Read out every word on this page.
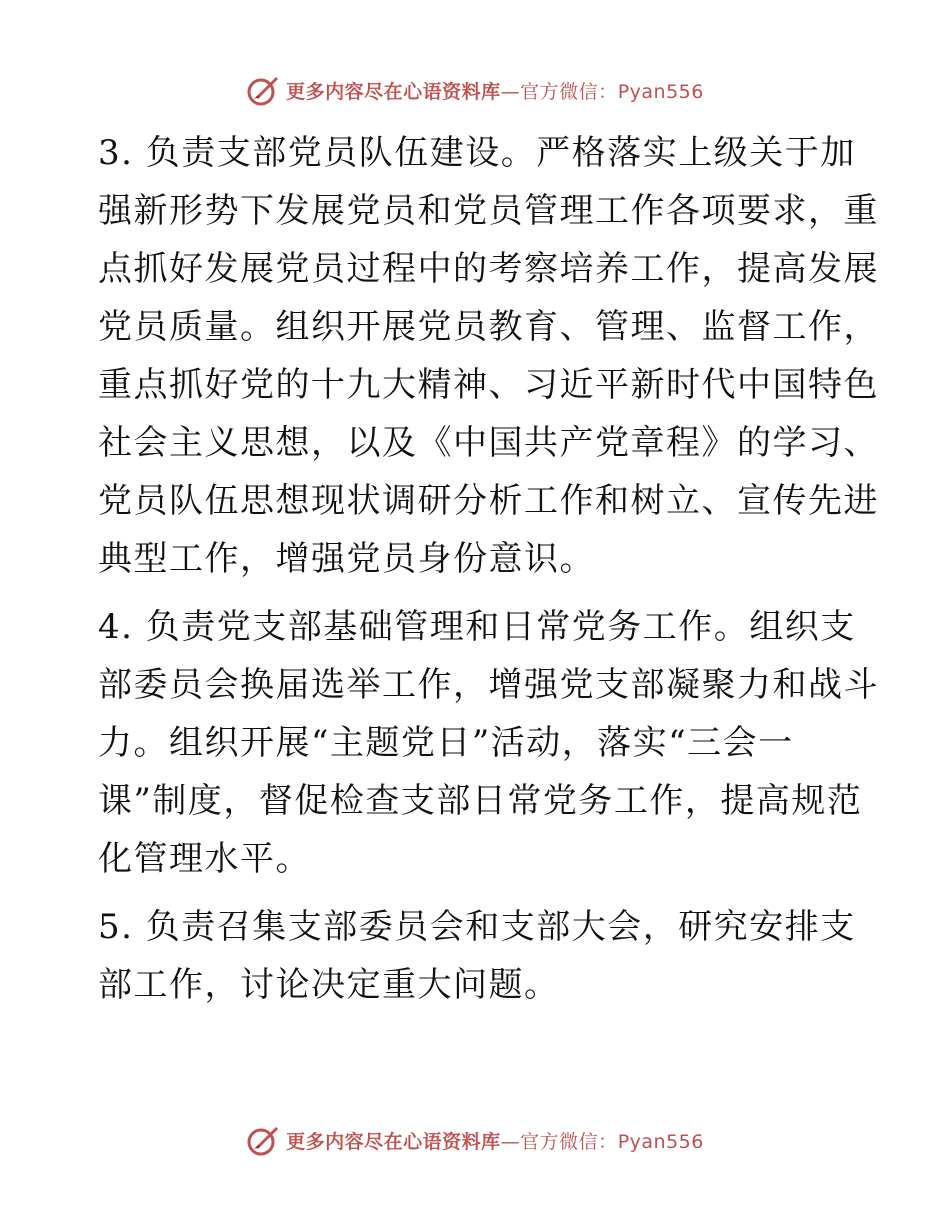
更多内容尽在心语资料库—官方微信：Pyan556

3. 负责支部党员队伍建设。严格落实上级关于加
强新形势下发展党员和党员管理工作各项要求，重
点抓好发展党员过程中的考察培养工作，提高发展
党员质量。组织开展党员教育、管理、监督工作，
重点抓好党的十九大精神、习近平新时代中国特色
社会主义思想，以及《中国共产党章程》的学习、
党员队伍思想现状调研分析工作和树立、宣传先进
典型工作，增强党员身份意识。

4. 负责党支部基础管理和日常党务工作。组织支
部委员会换届选举工作，增强党支部凝聚力和战斗
力。组织开展“主题党日”活动，落实“三会一
课”制度，督促检查支部日常党务工作，提高规范
化管理水平。

5. 负责召集支部委员会和支部大会，研究安排支
部工作，讨论决定重大问题。

更多内容尽在心语资料库—官方微信：Pyan556
